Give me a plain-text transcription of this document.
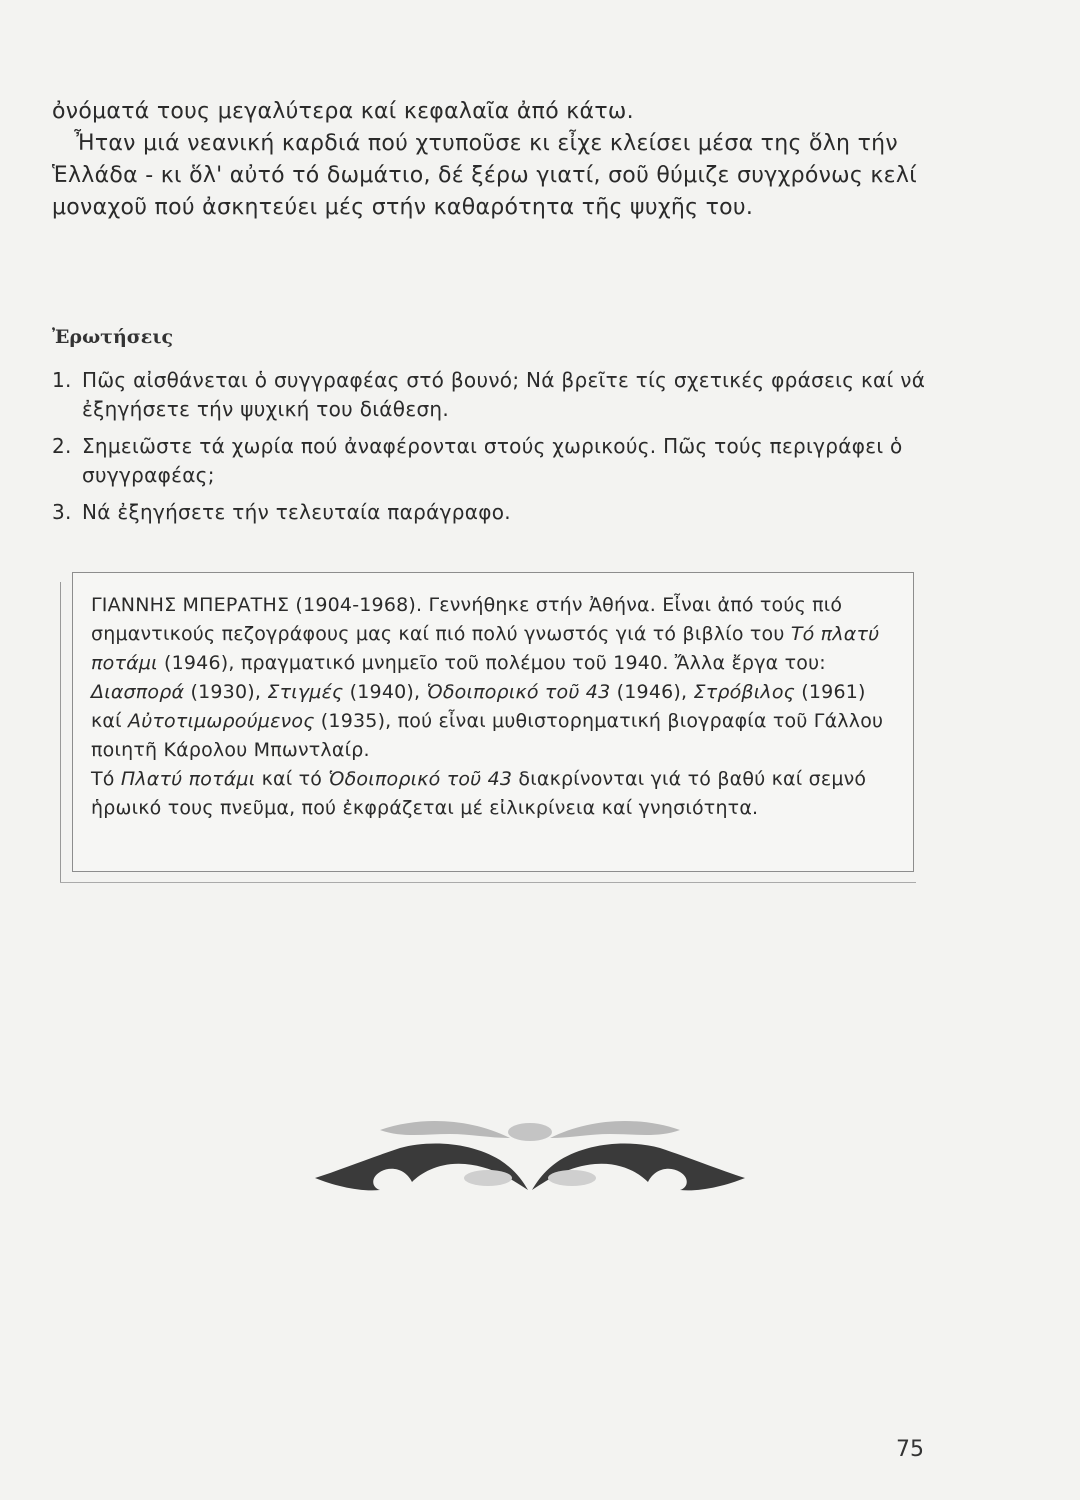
ὀνόματά τους μεγαλύτερα καί κεφαλαῖα ἀπό κάτω.

Ἦταν μιά νεανική καρδιά πού χτυποῦσε κι εἶχε κλείσει μέσα της ὅλη τήν Ἑλλάδα - κι ὅλ' αὐτό τό δωμάτιο, δέ ξέρω γιατί, σοῦ θύμιζε συγχρόνως κελί μοναχοῦ πού ἀσκητεύει μές στήν καθαρότητα τῆς ψυχῆς του.

Ἐρωτήσεις
1. Πῶς αἰσθάνεται ὁ συγγραφέας στό βουνό; Νά βρεῖτε τίς σχετικές φράσεις καί νά ἐξηγήσετε τήν ψυχική του διάθεση.
2. Σημειῶστε τά χωρία πού ἀναφέρονται στούς χωρικούς. Πῶς τούς περιγράφει ὁ συγγραφέας;
3. Νά ἐξηγήσετε τήν τελευταία παράγραφο.

ΓΙΑΝΝΗΣ ΜΠΕΡΑΤΗΣ (1904-1968). Γεννήθηκε στήν Ἀθήνα. Εἶναι ἀπό τούς πιό σημαντικούς πεζογράφους μας καί πιό πολύ γνωστός γιά τό βιβλίο του Τό πλατύ ποτάμι (1946), πραγματικό μνημεῖο τοῦ πολέμου τοῦ 1940. Ἄλλα ἔργα του: Διασπορά (1930), Στιγμές (1940), Ὁδοιπορικό τοῦ 43 (1946), Στρόβιλος (1961) καί Αὐτοτιμωρούμενος (1935), πού εἶναι μυθιστορηματική βιογραφία τοῦ Γάλλου ποιητῆ Κάρολου Μπωντλαίρ.

Τό Πλατύ ποτάμι καί τό Ὁδοιπορικό τοῦ 43 διακρίνονται γιά τό βαθύ καί σεμνό ἡρωικό τους πνεῦμα, πού ἐκφράζεται μέ εἰλικρίνεια καί γνησιότητα.

75
